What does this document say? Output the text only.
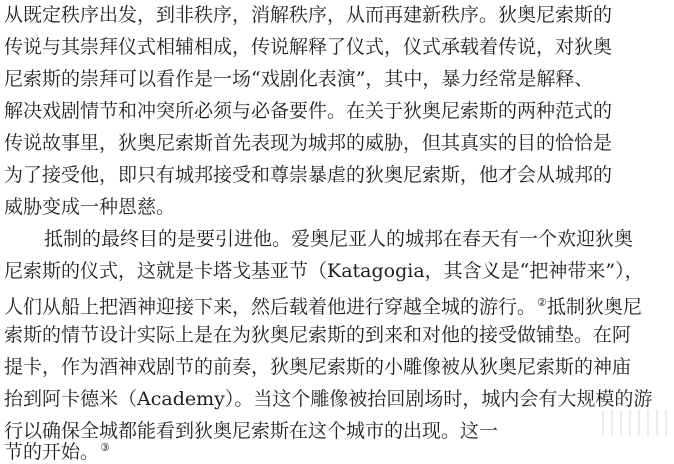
从既定秩序出发，到非秩序，消解秩序，从而再建新秩序。狄奥尼索斯的
传说与其崇拜仪式相辅相成，传说解释了仪式，仪式承载着传说，对狄奥
尼索斯的崇拜可以看作是一场“戏剧化表演”，其中，暴力经常是解释、
解决戏剧情节和冲突所必须与必备要件。在关于狄奥尼索斯的两种范式的
传说故事里，狄奥尼索斯首先表现为城邦的威胁，但其真实的目的恰恰是
为了接受他，即只有城邦接受和尊崇暴虐的狄奥尼索斯，他才会从城邦的
威胁变成一种恩慈。
抵制的最终目的是要引进他。爱奥尼亚人的城邦在春天有一个欢迎狄奥
尼索斯的仪式，这就是卡塔戈基亚节（Katagogia，其含义是“把神带来”），
人们从船上把酒神迎接下来，然后载着他进行穿越全城的游行。②抵制狄奥尼
索斯的情节设计实际上是在为狄奥尼索斯的到来和对他的接受做铺垫。在阿
提卡，作为酒神戏剧节的前奏，狄奥尼索斯的小雕像被从狄奥尼索斯的神庙
抬到阿卡德米（Academy）。当这个雕像被抬回剧场时，城内会有大规模的游
行以确保全城都能看到狄奥尼索斯在这个城市的出现。这一
节的开始。③
